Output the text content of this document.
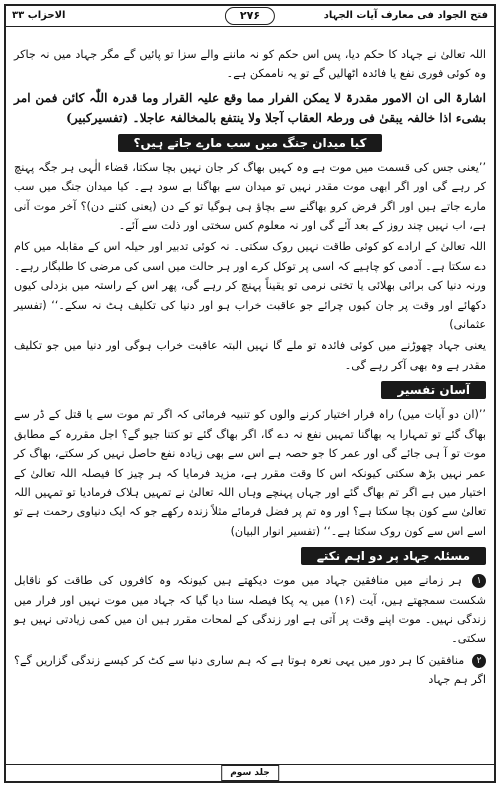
الاحزاب ۳۳	۲۷۶	فتح الجواد فی معارف آیات الجہاد

اللہ تعالیٰ نے جہاد کا حکم دیا، پس اس حکم کو نہ ماننے والے سزا تو پائیں گے مگر جہاد میں نہ جاکر وہ کوئی فوری نفع یا فائدہ اٹھالیں گے تو یہ ناممکن ہے۔

اشارۃ الی ان الامور مقدرۃ لا یمکن الفرار مما وقع علیہ القرار وما قدرہ اللّٰہ کائن فمن امر بشیء اذا خالفہ یبقیٰ فی ورطۃ العقاب آجلا ولا ینتفع بالمخالفۃ عاجلا۔ (تفسیرکبیر)

کیا میدان جنگ میں سب مارے جاتے ہیں؟

’’یعنی جس کی قسمت میں موت ہے وہ کہیں بھاگ کر جان نہیں بچا سکتا، قضاء الٰہی ہر جگہ پہنچ کر رہے گی اور اگر ابھی موت مقدر نہیں تو میدان سے بھاگنا بے سود ہے۔ کیا میدان جنگ میں سب مارے جاتے ہیں اور اگر فرض کرو بھاگنے سے بچاؤ ہی ہوگیا تو کے دن (یعنی کتنے دن)؟ آخر موت آنی ہے، اب نہیں چند روز کے بعد آئے گی اور نہ معلوم کس سختی اور ذلت سے آئے۔

اللہ تعالیٰ کے ارادے کو کوئی طاقت نہیں روک سکتی۔ نہ کوئی تدبیر اور حیلہ اس کے مقابلہ میں کام دے سکتا ہے۔ آدمی کو چاہیے کہ اسی پر توکل کرے اور ہر حالت میں اسی کی مرضی کا طلبگار رہے۔ ورنہ دنیا کی برائی بھلائی یا تختی نرمی تو یقیناً پہنچ کر رہے گی، پھر اس کے راستہ میں بزدلی کیوں دکھائے اور وقت پر جان کیوں چرائے جو عاقبت خراب ہو اور دنیا کی تکلیف ہٹ نہ سکے۔‘‘ (تفسیر عثمانی)

یعنی جہاد چھوڑنے میں کوئی فائدہ تو ملے گا نہیں البتہ عاقبت خراب ہوگی اور دنیا میں جو تکلیف مقدر ہے وہ بھی آکر رہے گی۔

آسان تفسیر

’’(ان دو آیات میں) راہ فرار اختیار کرنے والوں کو تنبیہ فرمائی کہ اگر تم موت سے یا قتل کے ڈر سے بھاگ گئے تو تمہارا یہ بھاگنا تمہیں نفع نہ دے گا، اگر بھاگ گئے تو کتنا جیو گے؟ اجل مقررہ کے مطابق موت تو آ ہی جائے گی اور عمر کا جو حصہ ہے اس سے بھی زیادہ نفع حاصل نہیں کر سکتے، بھاگ کر عمر نہیں بڑھ سکتی کیونکہ اس کا وقت مقرر ہے، مزید فرمایا کہ ہر چیز کا فیصلہ اللہ تعالیٰ کے اختیار میں ہے اگر تم بھاگ گئے اور جہاں پہنچے وہاں اللہ تعالیٰ نے تمہیں ہلاک فرمادیا تو تمہیں اللہ تعالیٰ سے کون بچا سکتا ہے؟ اور وہ تم پر فضل فرمائے مثلاً زندہ رکھے جو کہ ایک دنیاوی رحمت ہے تو اسے اس سے کون روک سکتا ہے۔‘‘ (تفسیر انوار البیان)

مسئلہ جہاد پر دو اہم نکتے

۱ ہر زمانے میں منافقین جہاد میں موت دیکھتے ہیں کیونکہ وہ کافروں کی طاقت کو ناقابل شکست سمجھتے ہیں، آیت (۱۶) میں یہ پکا فیصلہ سنا دیا گیا کہ جہاد میں موت نہیں اور فرار میں زندگی نہیں۔ موت اپنے وقت پر آتی ہے اور زندگی کے لمحات مقرر ہیں ان میں کمی زیادتی نہیں ہو سکتی۔

۲ منافقین کا ہر دور میں یہی نعرہ ہوتا ہے کہ ہم ساری دنیا سے کٹ کر کیسے زندگی گزاریں گے؟ اگر ہم جہاد

جلد سوم
